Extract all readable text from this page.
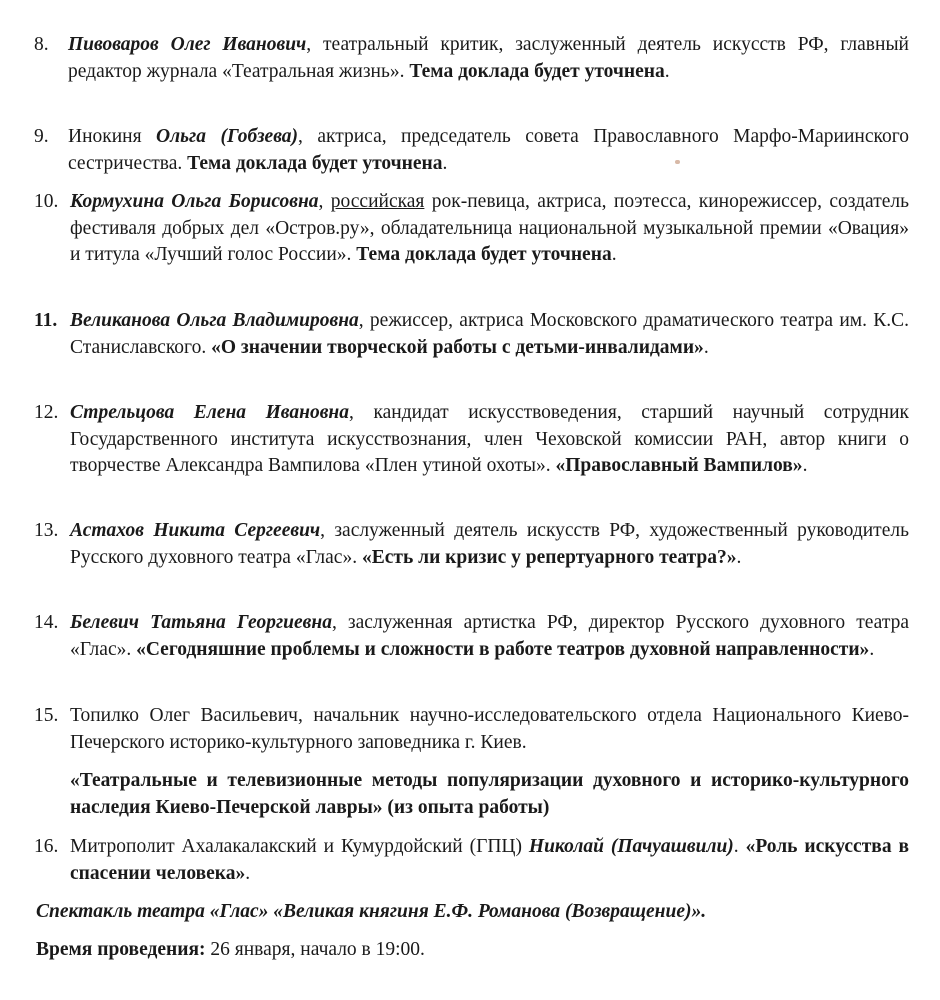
8. Пивоваров Олег Иванович, театральный критик, заслуженный деятель искусств РФ, главный редактор журнала «Театральная жизнь». Тема доклада будет уточнена.
9. Инокиня Ольга (Гобзева), актриса, председатель совета Православного Марфо-Мариинского сестричества. Тема доклада будет уточнена.
10. Кормухина Ольга Борисовна, российская рок-певица, актриса, поэтесса, кинорежиссер, создатель фестиваля добрых дел «Остров.ру», обладательница национальной музыкальной премии «Овация» и титула «Лучший голос России». Тема доклада будет уточнена.
11. Великанова Ольга Владимировна, режиссер, актриса Московского драматического театра им. К.С. Станиславского. «О значении творческой работы с детьми-инвалидами».
12. Стрельцова Елена Ивановна, кандидат искусствоведения, старший научный сотрудник Государственного института искусствознания, член Чеховской комиссии РАН, автор книги о творчестве Александра Вампилова «Плен утиной охоты». «Православный Вампилов».
13. Астахов Никита Сергеевич, заслуженный деятель искусств РФ, художественный руководитель Русского духовного театра «Глас». «Есть ли кризис у репертуарного театра?».
14. Белевич Татьяна Георгиевна, заслуженная артистка РФ, директор Русского духовного театра «Глас». «Сегодняшние проблемы и сложности в работе театров духовной направленности».
15. Топилко Олег Васильевич, начальник научно-исследовательского отдела Национального Киево-Печерского историко-культурного заповедника г. Киев.
«Театральные и телевизионные методы популяризации духовного и историко-культурного наследия Киево-Печерской лавры» (из опыта работы)
16. Митрополит Ахалакалакский и Кумурдойский (ГПЦ) Николай (Пачуашвили). «Роль искусства в спасении человека».
Спектакль театра «Глас» «Великая княгиня Е.Ф. Романова (Возвращение)».
Время проведения: 26 января, начало в 19:00.
